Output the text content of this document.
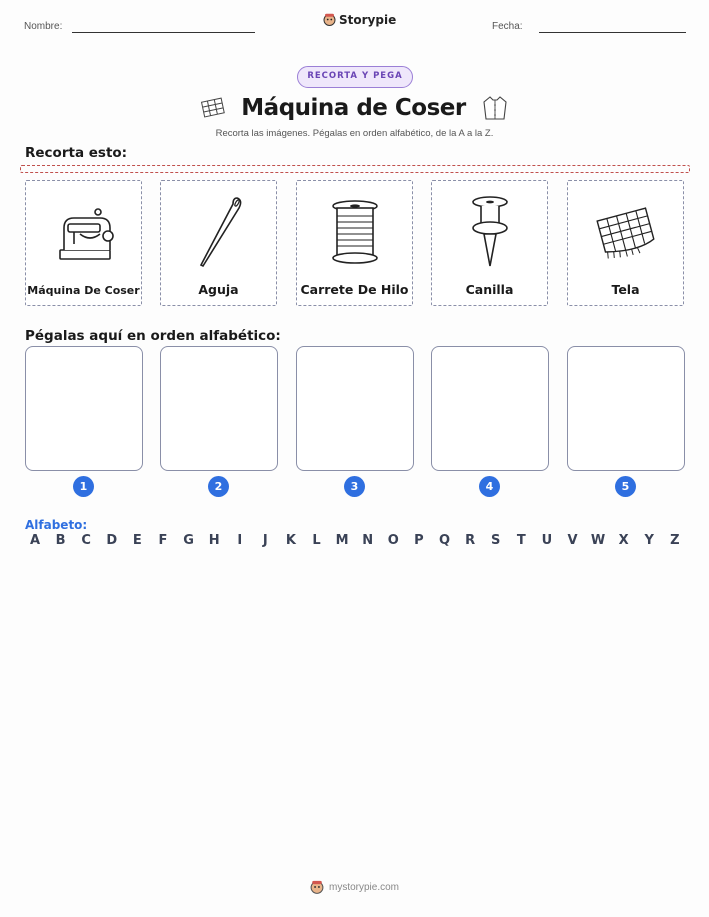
Nombre:	Storypie	Fecha:
RECORTA Y PEGA
Máquina de Coser
Recorta las imágenes. Pégalas en orden alfabético, de la A a la Z.
Recorta esto:
Máquina De Coser	Aguja	Carrete De Hilo	Canilla	Tela
Pégalas aquí en orden alfabético:
1	2	3	4	5
Alfabeto:
A	B	C	D	E	F	G	H	I	J	K	L	M	N	O	P	Q	R	S	T	U	V	W	X	Y	Z
mystorypie.com
